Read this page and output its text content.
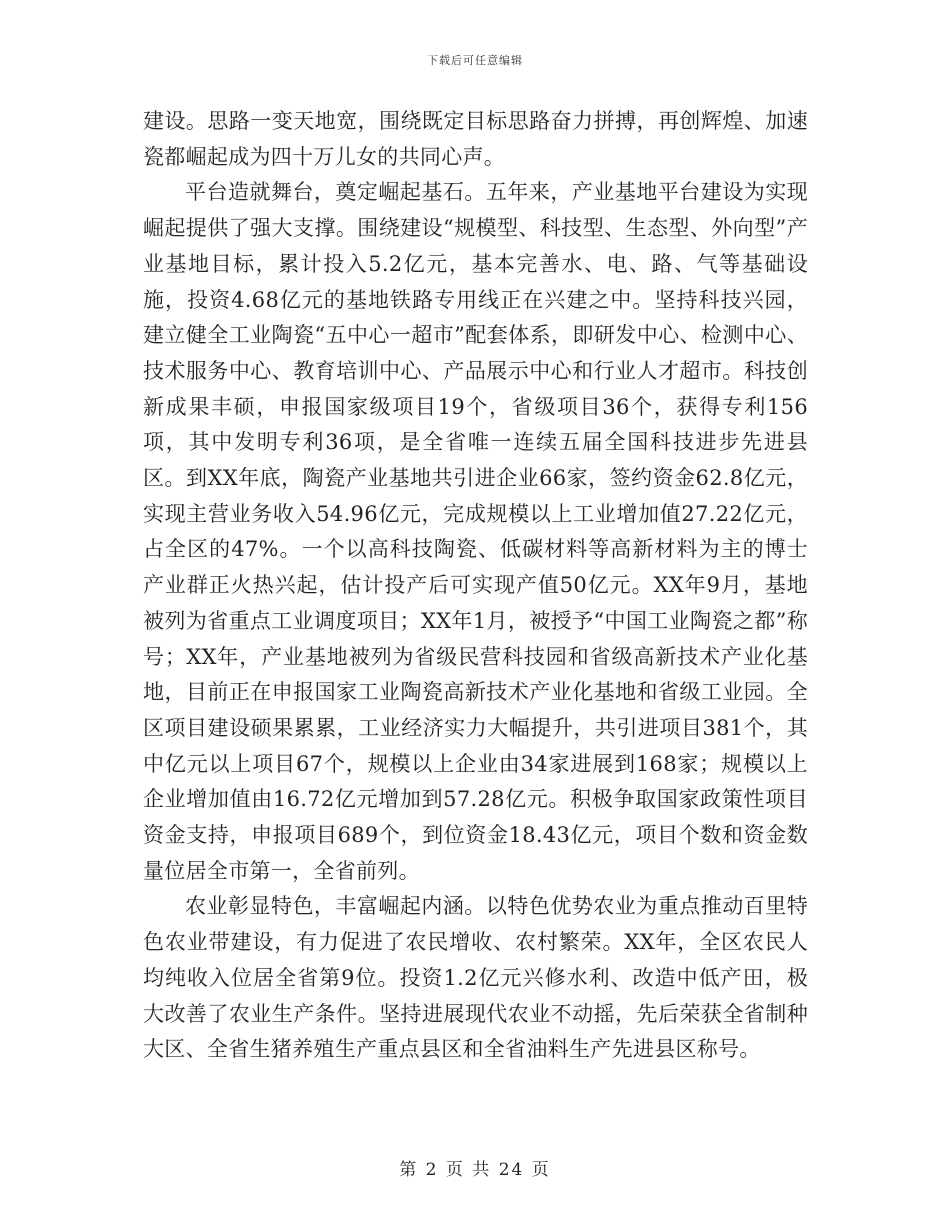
下载后可任意编辑

建设。思路一变天地宽，围绕既定目标思路奋力拼搏，再创辉煌、加速瓷都崛起成为四十万儿女的共同心声。

平台造就舞台，奠定崛起基石。五年来，产业基地平台建设为实现崛起提供了强大支撑。围绕建设“规模型、科技型、生态型、外向型”产业基地目标，累计投入5.2亿元，基本完善水、电、路、气等基础设施，投资4.68亿元的基地铁路专用线正在兴建之中。坚持科技兴园，建立健全工业陶瓷“五中心一超市”配套体系，即研发中心、检测中心、技术服务中心、教育培训中心、产品展示中心和行业人才超市。科技创新成果丰硕，申报国家级项目19个，省级项目36个，获得专利156项，其中发明专利36项，是全省唯一连续五届全国科技进步先进县区。到XX年底，陶瓷产业基地共引进企业66家，签约资金62.8亿元，实现主营业务收入54.96亿元，完成规模以上工业增加值27.22亿元，占全区的47%。一个以高科技陶瓷、低碳材料等高新材料为主的博士产业群正火热兴起，估计投产后可实现产值50亿元。XX年9月，基地被列为省重点工业调度项目；XX年1月，被授予“中国工业陶瓷之都”称号；XX年，产业基地被列为省级民营科技园和省级高新技术产业化基地，目前正在申报国家工业陶瓷高新技术产业化基地和省级工业园。全区项目建设硕果累累，工业经济实力大幅提升，共引进项目381个，其中亿元以上项目67个，规模以上企业由34家进展到168家；规模以上企业增加值由16.72亿元增加到57.28亿元。积极争取国家政策性项目资金支持，申报项目689个，到位资金18.43亿元，项目个数和资金数量位居全市第一，全省前列。

农业彰显特色，丰富崛起内涵。以特色优势农业为重点推动百里特色农业带建设，有力促进了农民增收、农村繁荣。XX年，全区农民人均纯收入位居全省第9位。投资1.2亿元兴修水利、改造中低产田，极大改善了农业生产条件。坚持进展现代农业不动摇，先后荣获全省制种大区、全省生猪养殖生产重点县区和全省油料生产先进县区称号。

第 2 页 共 24 页
